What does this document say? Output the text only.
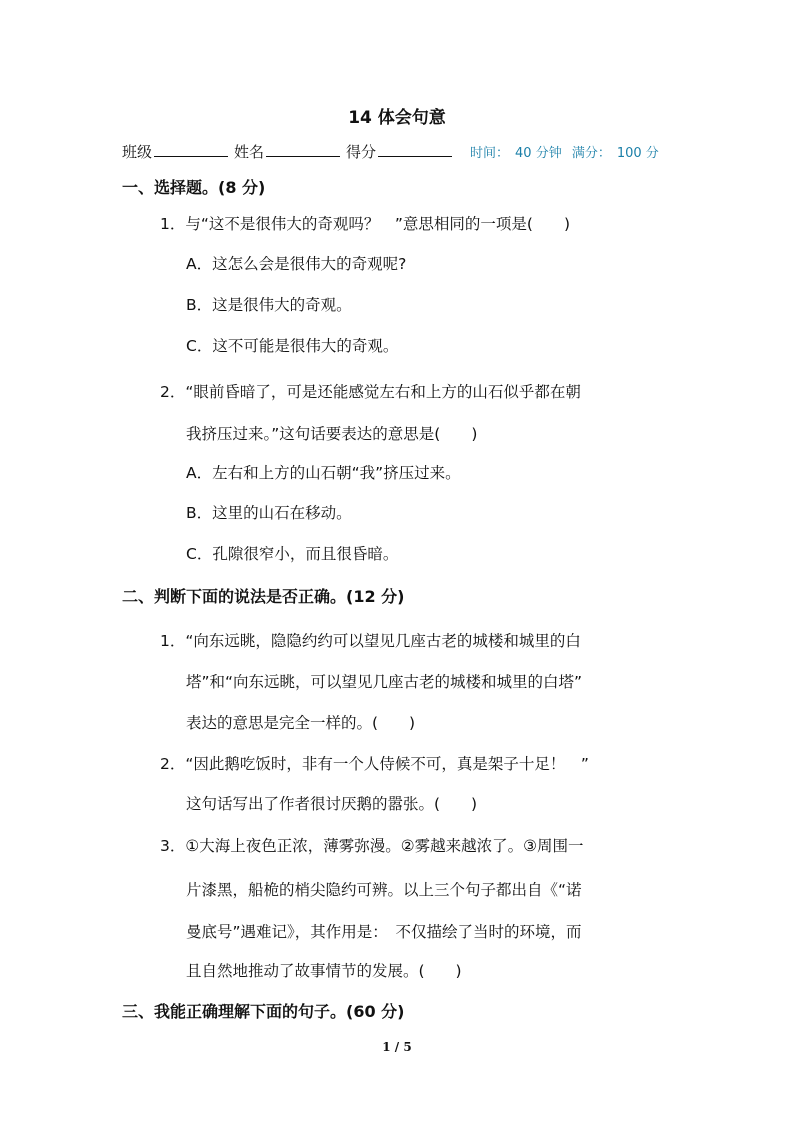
14 体会句意
班级	姓名	得分	时间： 40 分钟 满分： 100 分
一、选择题。(8 分)
1．与“这不是很伟大的奇观吗？　”意思相同的一项是(　　)
A．这怎么会是很伟大的奇观呢?
B．这是很伟大的奇观。
C．这不可能是很伟大的奇观。
2．“眼前昏暗了，可是还能感觉左右和上方的山石似乎都在朝
我挤压过来。”这句话要表达的意思是(　　)
A．左右和上方的山石朝“我”挤压过来。
B．这里的山石在移动。
C．孔隙很窄小，而且很昏暗。
二、判断下面的说法是否正确。(12 分)
1．“向东远眺，隐隐约约可以望见几座古老的城楼和城里的白
塔”和“向东远眺，可以望见几座古老的城楼和城里的白塔”
表达的意思是完全一样的。(　　)
2．“因此鹅吃饭时，非有一个人侍候不可，真是架子十足！　”
这句话写出了作者很讨厌鹅的嚣张。(　　)
3．①大海上夜色正浓，薄雾弥漫。②雾越来越浓了。③周围一
片漆黑，船桅的梢尖隐约可辨。以上三个句子都出自《“诺
曼底号”遇难记》，其作用是：　不仅描绘了当时的环境，而
且自然地推动了故事情节的发展。(　　)
三、我能正确理解下面的句子。(60 分)
1 / 5
